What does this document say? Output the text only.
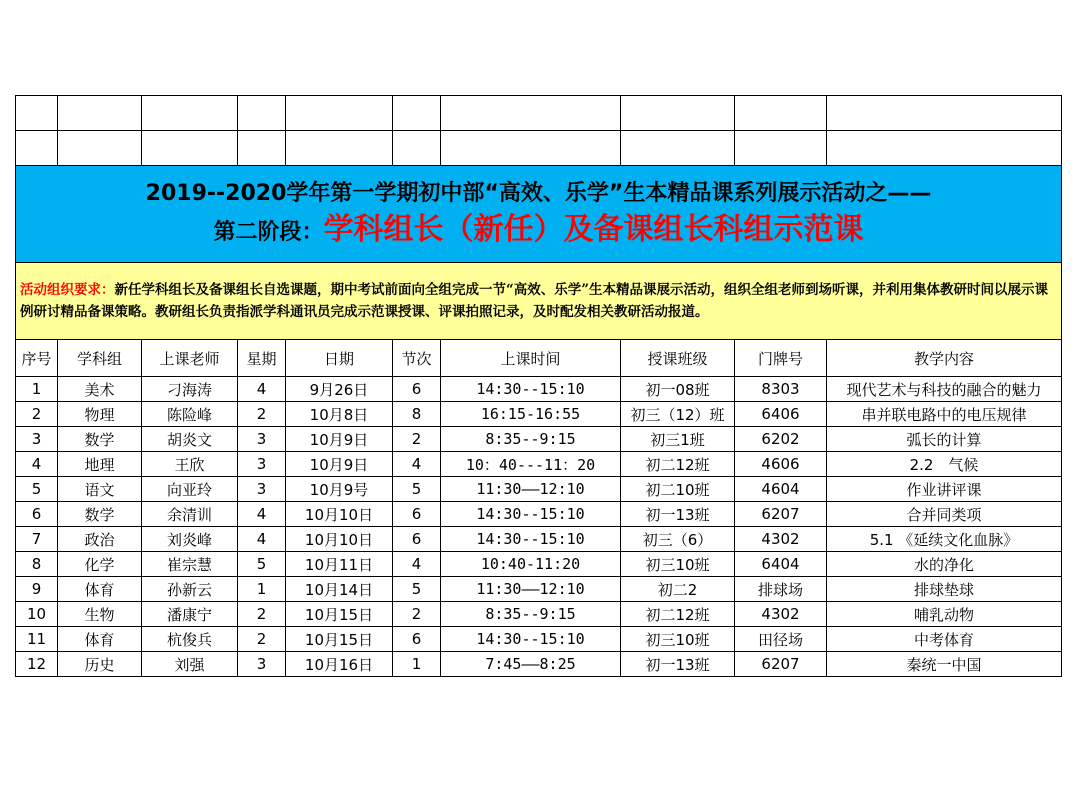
2019--2020学年第一学期初中部“高效、乐学”生本精品课系列展示活动之——
第二阶段：学科组长（新任）及备课组长科组示范课									

活动组织要求：新任学科组长及备课组长自选课题，期中考试前面向全组完成一节“高效、乐学”生本精品课展示活动，组织全组老师到场听课，并利用集体教研时间以展示课例研讨精品备课策略。教研组长负责指派学科通讯员完成示范课授课、评课拍照记录，及时配发相关教研活动报道。									
序号	学科组	上课老师	星期	日期	节次	上课时间	授课班级	门牌号	教学内容
1	美术	刁海涛	4	9月26日	6	14:30--15:10	初一08班	8303	现代艺术与科技的融合的魅力
2	物理	陈险峰	2	10月8日	8	16:15-16:55	初三（12）班	6406	串并联电路中的电压规律
3	数学	胡炎文	3	10月9日	2	8:35--9:15	初三1班	6202	弧长的计算
4	地理	王欣	3	10月9日	4	10：40---11：20	初二12班	4606	2.2　气候
5	语文	向亚玲	3	10月9号	5	11:30——12:10	初二10班	4604	作业讲评课
6	数学	余清训	4	10月10日	6	14:30--15:10	初一13班	6207	合并同类项
7	政治	刘炎峰	4	10月10日	6	14:30--15:10	初三（6）	4302	5.1 《延续文化血脉》
8	化学	崔宗慧	5	10月11日	4	10:40-11:20	初三10班	6404	水的净化
9	体育	孙新云	1	10月14日	5	11:30——12:10	初二2	排球场	排球垫球
10	生物	潘康宁	2	10月15日	2	8:35--9:15	初二12班	4302	哺乳动物
11	体育	杭俊兵	2	10月15日	6	14:30--15:10	初三10班	田径场	中考体育
12	历史	刘强	3	10月16日	1	7:45——8:25	初一13班	6207	秦统一中国
